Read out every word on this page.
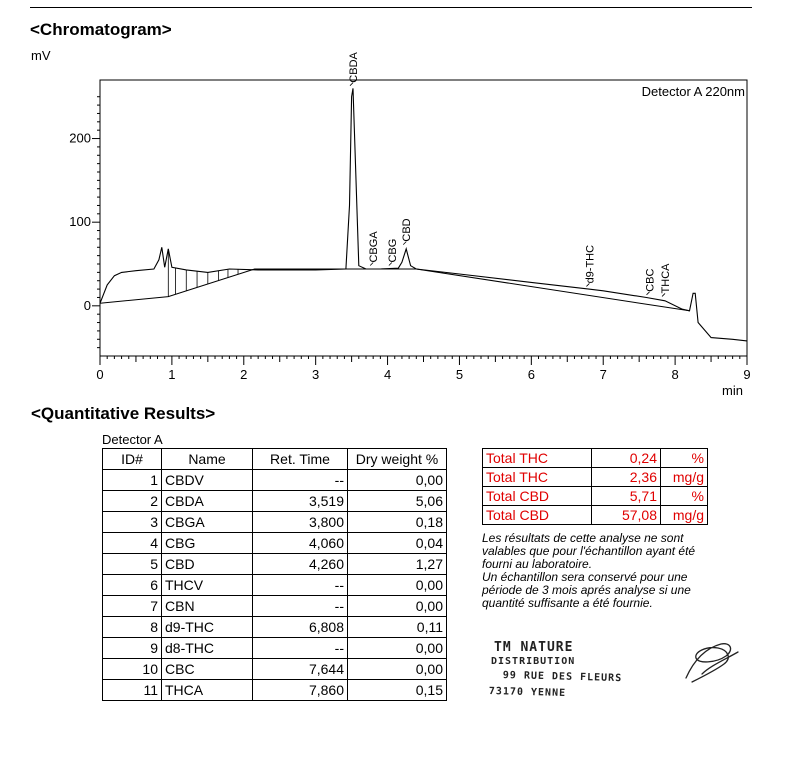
<Chromatogram>
mV
min
0
100
200
0	1	2	3	4	5	6	7	8	9
CBDA
CBGA CBG
CBD
d9-THC	CBC THCA
Detector A 220nm
<Quantitative Results>
Detector A
ID#	Name	Ret. Time	Dry weight %
1	CBDV	--	0,00
2	CBDA	3,519	5,06
3	CBGA	3,800	0,18
4	CBG	4,060	0,04
5	CBD	4,260	1,27
6	THCV	--	0,00
7	CBN	--	0,00
8	d9-THC	6,808	0,11
9	d8-THC	--	0,00
10	CBC	7,644	0,00
11	THCA	7,860	0,15
Total THC	0,24	%
Total THC	2,36	mg/g
Total CBD	5,71	%
Total CBD	57,08	mg/g
Les résultats de cette analyse ne sont
valables que pour l'échantillon ayant été
fourni au laboratoire.
Un échantillon sera conservé pour une
période de 3 mois aprés analyse si une
quantité suffisante a été fournie.
TM NATURE
DISTRIBUTION
99 RUE DES FLEURS
73170 YENNE
